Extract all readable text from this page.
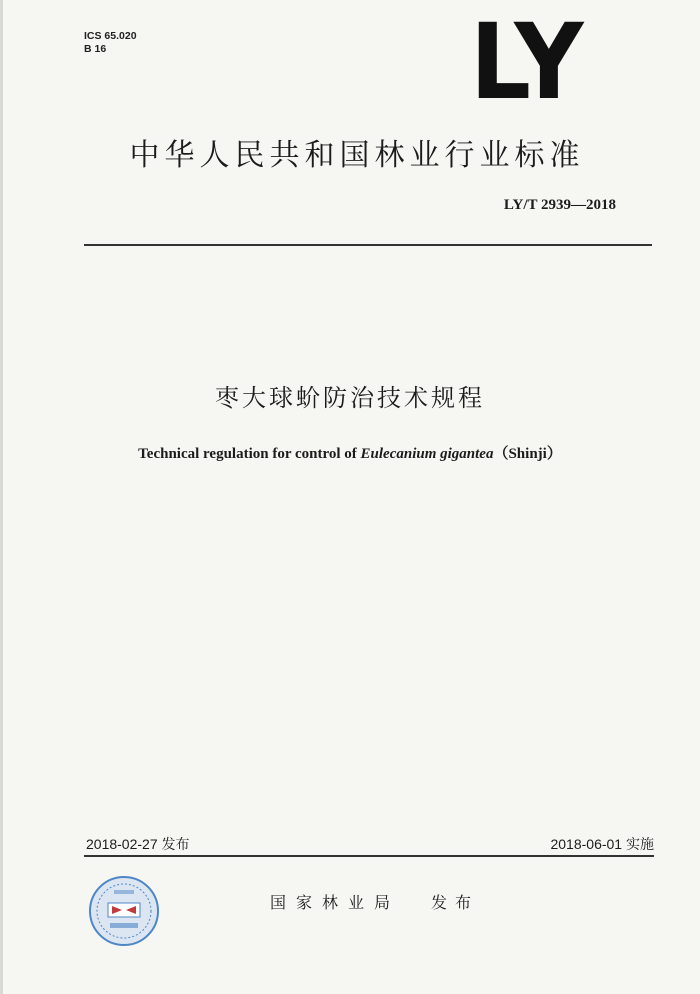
ICS 65.020
B 16	LY
中华人民共和国林业行业标准
LY/T 2939—2018
枣大球蚧防治技术规程
Technical regulation for control of Eulecanium gigantea（Shinji）
2018-02-27 发布	2018-06-01 实施
国家林业局 发布
